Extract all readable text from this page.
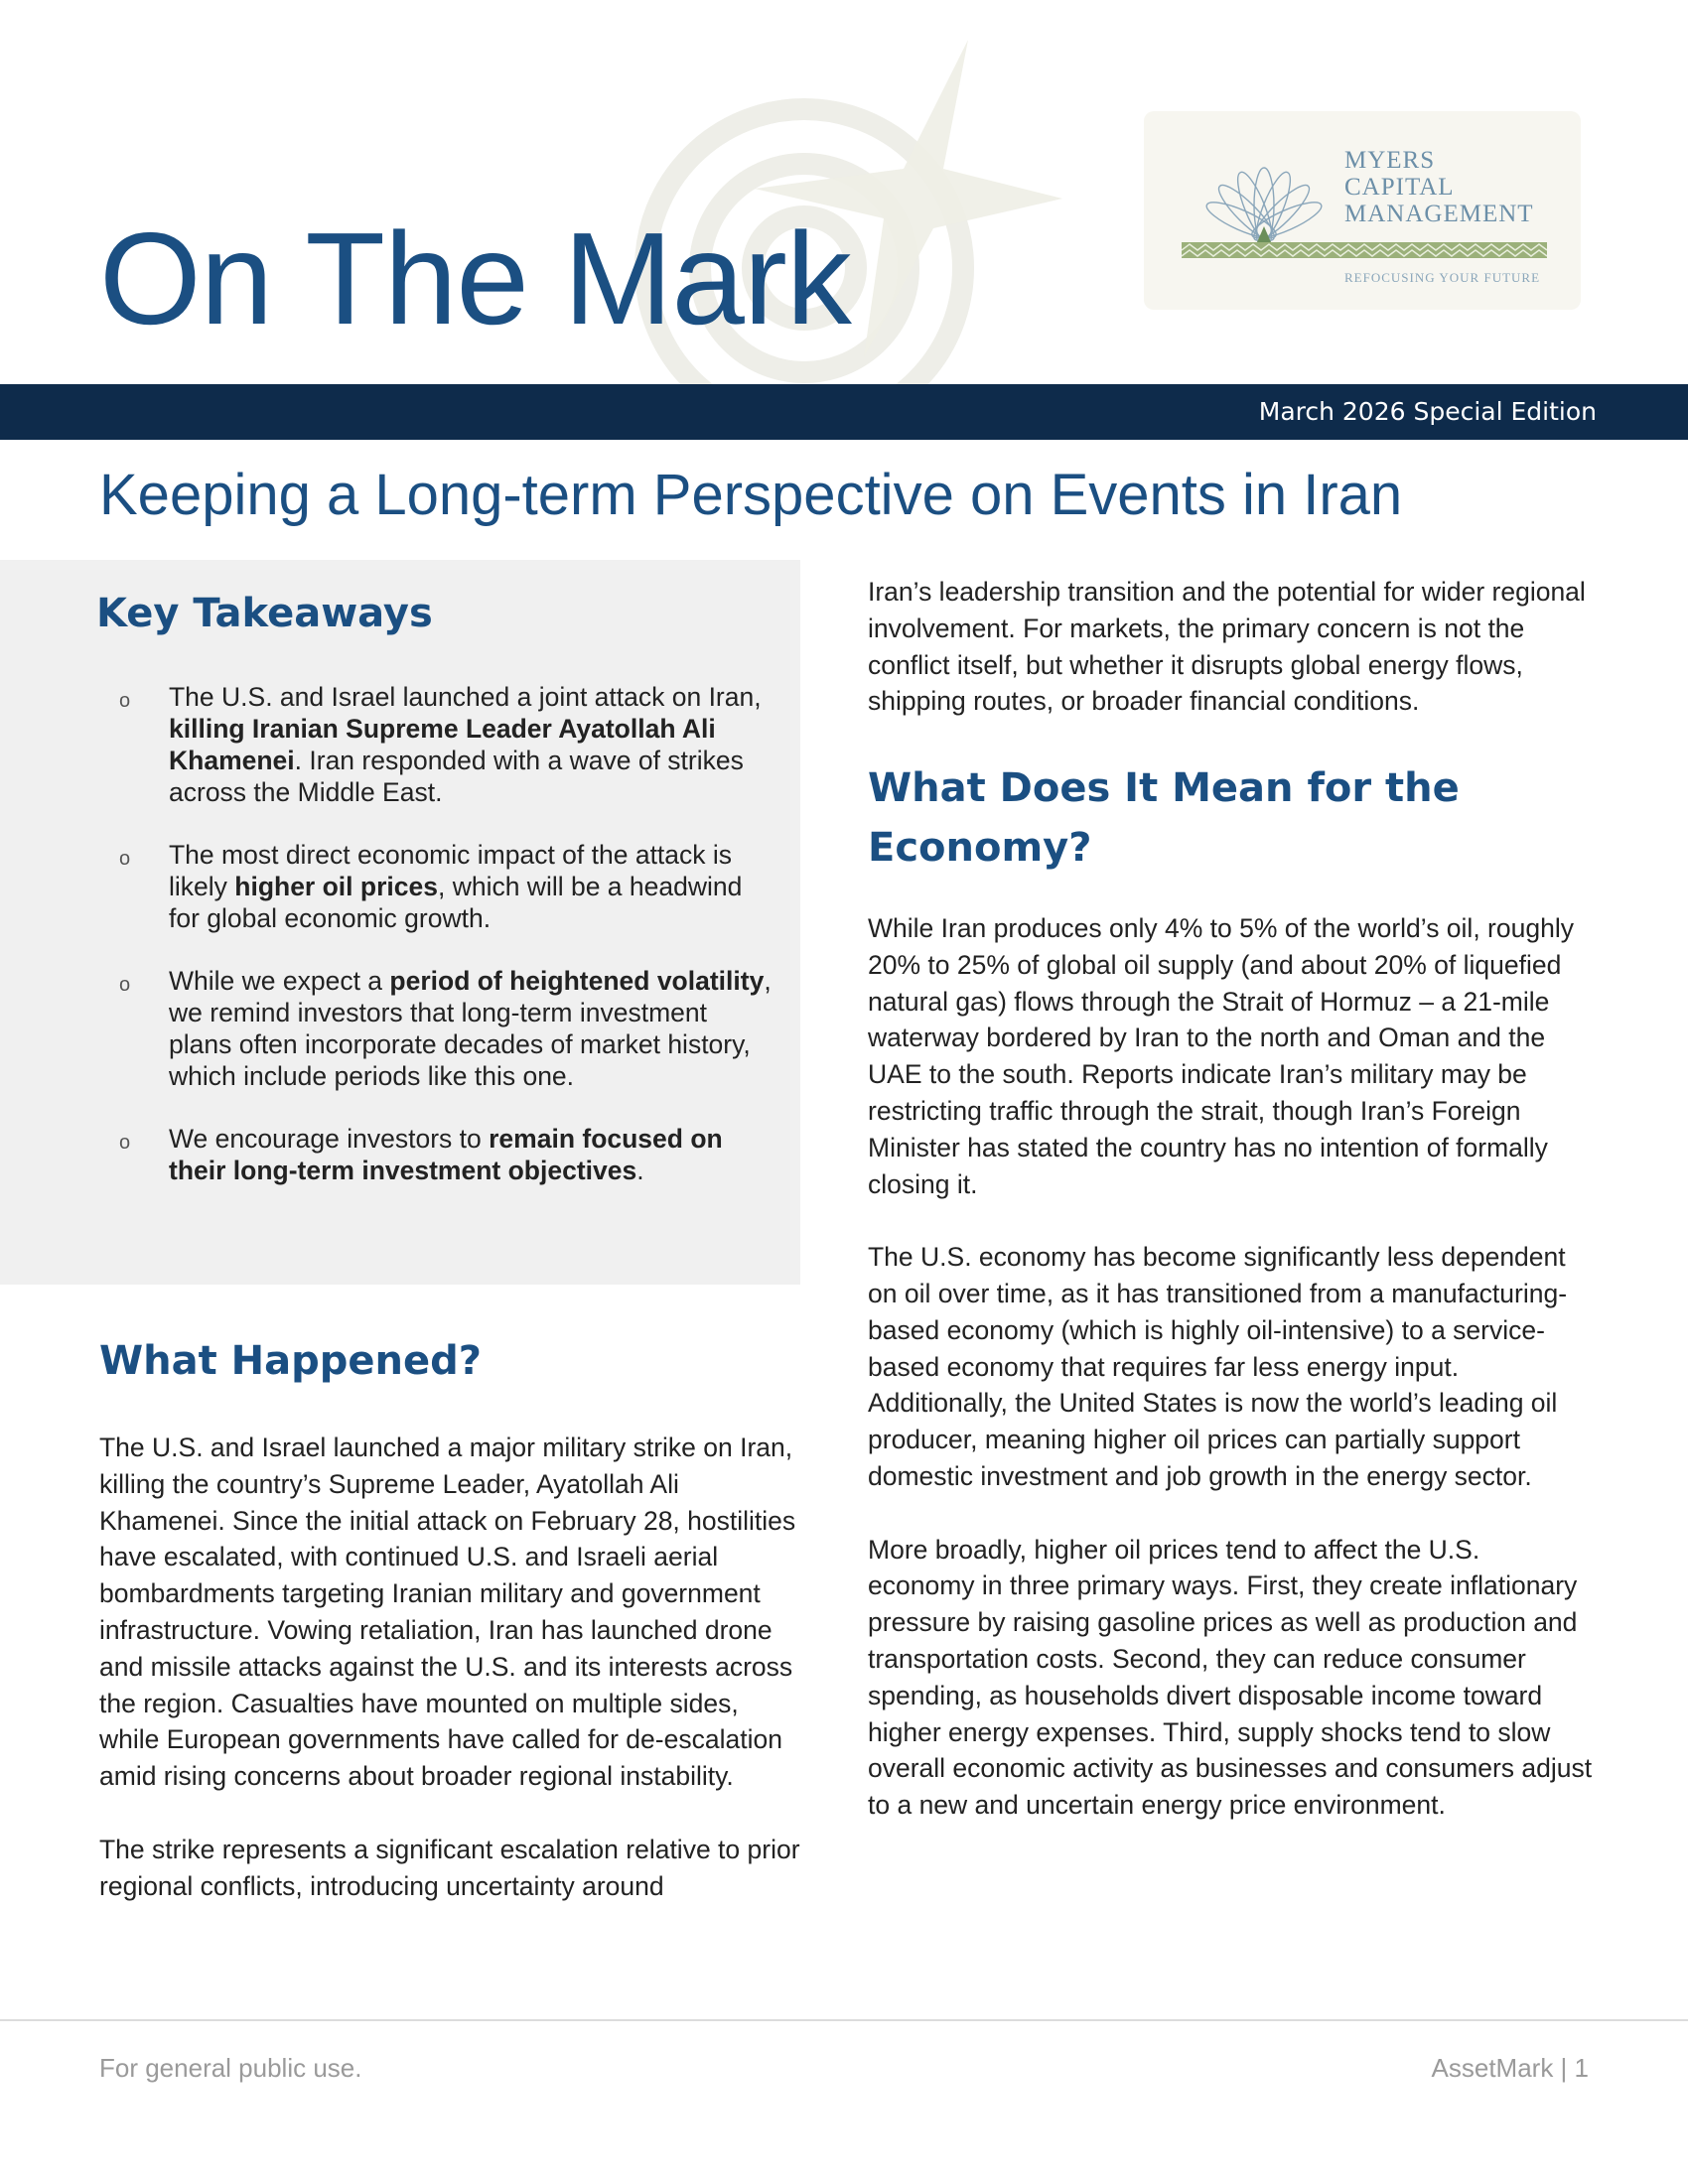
On The Mark
MYERS
CAPITAL
MANAGEMENT
REFOCUSING YOUR FUTURE
March 2026 Special Edition
Keeping a Long-term Perspective on Events in Iran
Key Takeaways
o The U.S. and Israel launched a joint attack on Iran, killing Iranian Supreme Leader Ayatollah Ali Khamenei. Iran responded with a wave of strikes across the Middle East.
o The most direct economic impact of the attack is likely higher oil prices, which will be a headwind for global economic growth.
o While we expect a period of heightened volatility, we remind investors that long-term investment plans often incorporate decades of market history, which include periods like this one.
o We encourage investors to remain focused on their long-term investment objectives.
What Happened?

The U.S. and Israel launched a major military strike on Iran, killing the country’s Supreme Leader, Ayatollah Ali Khamenei. Since the initial attack on February 28, hostilities have escalated, with continued U.S. and Israeli aerial bombardments targeting Iranian military and government infrastructure. Vowing retaliation, Iran has launched drone and missile attacks against the U.S. and its interests across the region. Casualties have mounted on multiple sides, while European governments have called for de-escalation amid rising concerns about broader regional instability.

The strike represents a significant escalation relative to prior regional conflicts, introducing uncertainty around

Iran’s leadership transition and the potential for wider regional involvement. For markets, the primary concern is not the conflict itself, but whether it disrupts global energy flows, shipping routes, or broader financial conditions.

What Does It Mean for the Economy?

While Iran produces only 4% to 5% of the world’s oil, roughly 20% to 25% of global oil supply (and about 20% of liquefied natural gas) flows through the Strait of Hormuz – a 21-mile waterway bordered by Iran to the north and Oman and the UAE to the south. Reports indicate Iran’s military may be restricting traffic through the strait, though Iran’s Foreign Minister has stated the country has no intention of formally closing it.

The U.S. economy has become significantly less dependent on oil over time, as it has transitioned from a manufacturing-based economy (which is highly oil-intensive) to a service-based economy that requires far less energy input. Additionally, the United States is now the world’s leading oil producer, meaning higher oil prices can partially support domestic investment and job growth in the energy sector.

More broadly, higher oil prices tend to affect the U.S. economy in three primary ways. First, they create inflationary pressure by raising gasoline prices as well as production and transportation costs. Second, they can reduce consumer spending, as households divert disposable income toward higher energy expenses. Third, supply shocks tend to slow overall economic activity as businesses and consumers adjust to a new and uncertain energy price environment.

For general public use.	AssetMark | 1
